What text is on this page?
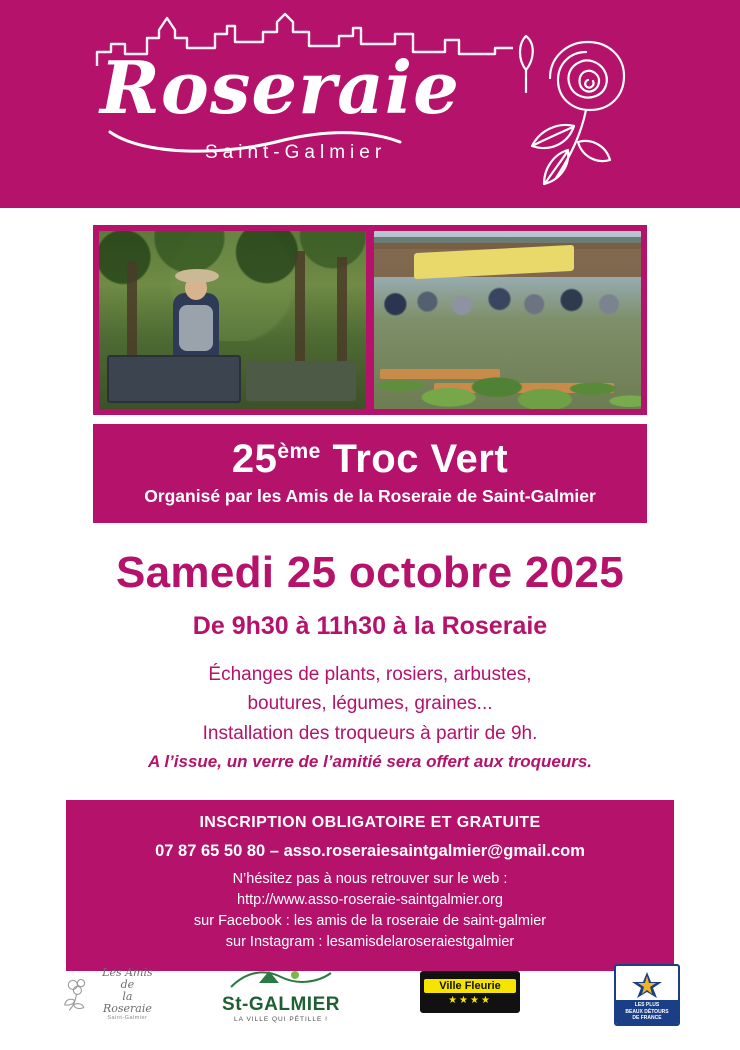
Roseraie
Saint-Galmier
25ème Troc Vert
Organisé par les Amis de la Roseraie de Saint-Galmier
Samedi 25 octobre 2025
De 9h30 à 11h30 à la Roseraie
Échanges de plants, rosiers, arbustes,
boutures, légumes, graines...
Installation des troqueurs à partir de 9h.
A l’issue, un verre de l’amitié sera offert aux troqueurs.
INSCRIPTION OBLIGATOIRE ET GRATUITE
07 87 65 50 80 – asso.roseraiesaintgalmier@gmail.com
N’hésitez pas à nous retrouver sur le web :
http://www.asso-roseraie-saintgalmier.org
sur Facebook : les amis de la roseraie de saint-galmier
sur Instagram : lesamisdelaroseraiestgalmier
Les Amis de
la Roseraie
Saint-Galmier
St-GALMIER
LA VILLE QUI PÉTILLE !
Ville Fleurie
★★★★	LES PLUS
BEAUX DÉTOURS
DE FRANCE
